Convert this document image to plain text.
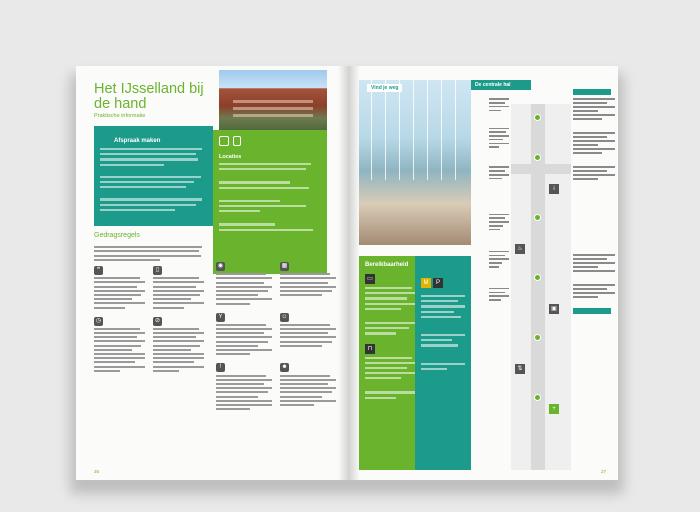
Het IJsselland bij de hand
Praktische informatie
Afspraak maken
Locaties
Gedragsregels
❝	▯
◷	⊘
◉	▦
Y	☺
!	☻
26
Vind je weg
Bereikbaarheid
▭
⊓
M	P
De centrale hal
i
♨
▣
⇅
+

27
